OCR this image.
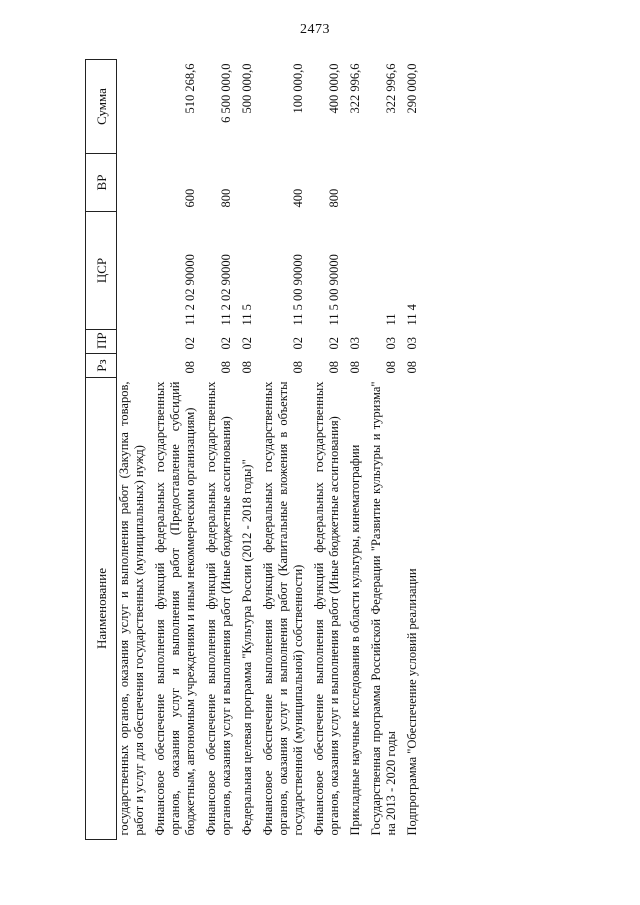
2473
Наименование	Рз	ПР	ЦСР	ВР	Сумма
государственных органов, оказания услуг и выполнения работ (Закупка товаров, работ и услуг для обеспечения государственных (муниципальных) нужд)					
Финансовое обеспечение выполнения функций федеральных государственных органов, оказания услуг и выполнения работ (Предоставление субсидий бюджетным, автономным учреждениям и иным некоммерческим организациям)	08	02	11 2 02 90000	600	510 268,6
Финансовое обеспечение выполнения функций федеральных государственных органов, оказания услуг и выполнения работ (Иные бюджетные ассигнования)	08	02	11 2 02 90000	800	6 500 000,0
Федеральная целевая программа "Культура России (2012 - 2018 годы)"	08	02	11 5		500 000,0
Финансовое обеспечение выполнения функций федеральных государственных органов, оказания услуг и выполнения работ (Капитальные вложения в объекты государственной (муниципальной) собственности)	08	02	11 5 00 90000	400	100 000,0
Финансовое обеспечение выполнения функций федеральных государственных органов, оказания услуг и выполнения работ (Иные бюджетные ассигнования)	08	02	11 5 00 90000	800	400 000,0
Прикладные научные исследования в области культуры, кинематографии	08	03			322 996,6
Государственная программа Российской Федерации "Развитие культуры и туризма" на 2013 - 2020 годы	08	03	11		322 996,6
Подпрограмма "Обеспечение условий реализации	08	03	11 4		290 000,0
